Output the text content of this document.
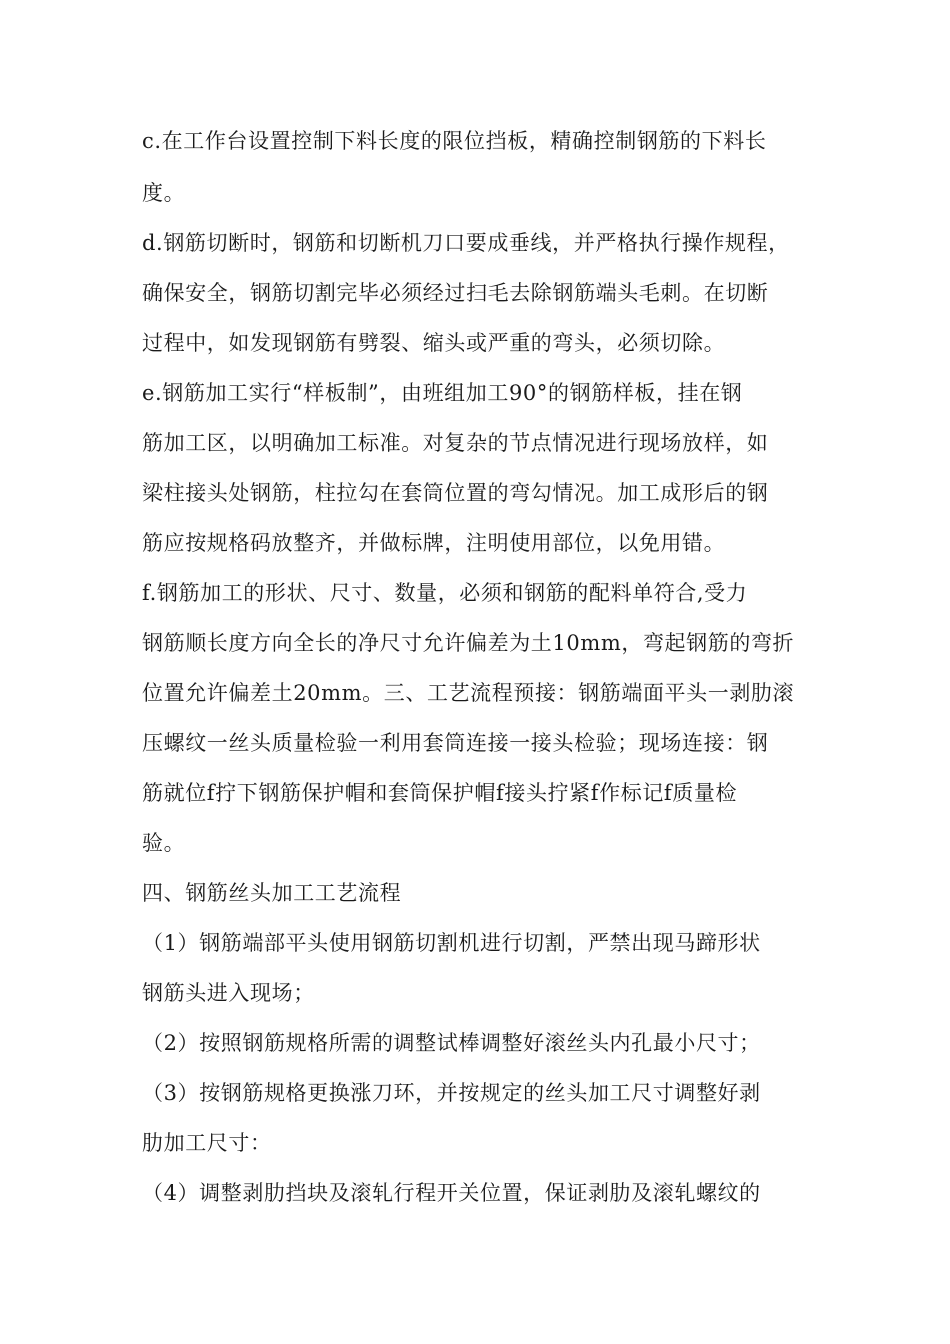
c.在工作台设置控制下料长度的限位挡板，精确控制钢筋的下料长
度。
d.钢筋切断时，钢筋和切断机刀口要成垂线，并严格执行操作规程，
确保安全，钢筋切割完毕必须经过扫毛去除钢筋端头毛刺。在切断
过程中，如发现钢筋有劈裂、缩头或严重的弯头，必须切除。
e.钢筋加工实行“样板制”，由班组加工90°的钢筋样板，挂在钢
筋加工区，以明确加工标准。对复杂的节点情况进行现场放样，如
梁柱接头处钢筋，柱拉勾在套筒位置的弯勾情况。加工成形后的钢
筋应按规格码放整齐，并做标牌，注明使用部位，以免用错。
f.钢筋加工的形状、尺寸、数量，必须和钢筋的配料单符合,受力
钢筋顺长度方向全长的净尺寸允许偏差为土10mm，弯起钢筋的弯折
位置允许偏差土20mm。三、工艺流程预接：钢筋端面平头一剥肋滚
压螺纹一丝头质量检验一利用套筒连接一接头检验；现场连接：钢
筋就位f拧下钢筋保护帽和套筒保护帽f接头拧紧f作标记f质量检
验。
四、钢筋丝头加工工艺流程
（1）钢筋端部平头使用钢筋切割机进行切割，严禁出现马蹄形状
钢筋头进入现场；
（2）按照钢筋规格所需的调整试棒调整好滚丝头内孔最小尺寸；
（3）按钢筋规格更换涨刀环，并按规定的丝头加工尺寸调整好剥
肋加工尺寸：
（4）调整剥肋挡块及滚轧行程开关位置，保证剥肋及滚轧螺纹的
